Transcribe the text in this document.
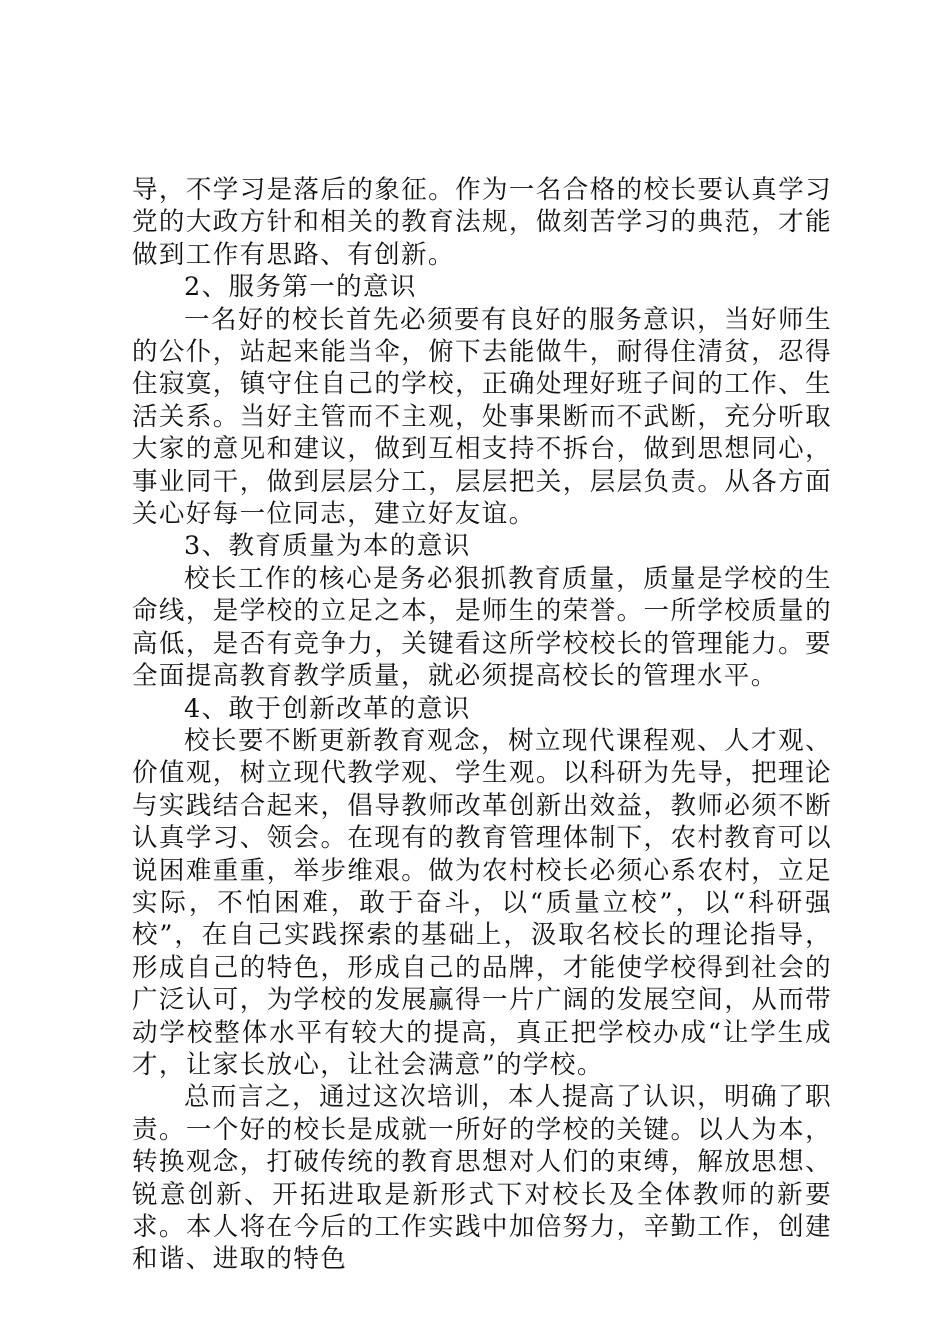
导，不学习是落后的象征。作为一名合格的校长要认真学习党的大政方针和相关的教育法规，做刻苦学习的典范，才能做到工作有思路、有创新。

2、服务第一的意识

一名好的校长首先必须要有良好的服务意识，当好师生的公仆，站起来能当伞，俯下去能做牛，耐得住清贫，忍得住寂寞，镇守住自己的学校，正确处理好班子间的工作、生活关系。当好主管而不主观，处事果断而不武断，充分听取大家的意见和建议，做到互相支持不拆台，做到思想同心，事业同干，做到层层分工，层层把关，层层负责。从各方面关心好每一位同志，建立好友谊。

3、教育质量为本的意识

校长工作的核心是务必狠抓教育质量，质量是学校的生命线，是学校的立足之本，是师生的荣誉。一所学校质量的高低，是否有竞争力，关键看这所学校校长的管理能力。要全面提高教育教学质量，就必须提高校长的管理水平。

4、敢于创新改革的意识

校长要不断更新教育观念，树立现代课程观、人才观、价值观，树立现代教学观、学生观。以科研为先导，把理论与实践结合起来，倡导教师改革创新出效益，教师必须不断认真学习、领会。在现有的教育管理体制下，农村教育可以说困难重重，举步维艰。做为农村校长必须心系农村，立足实际，不怕困难，敢于奋斗，以“质量立校”，以“科研强校”，在自己实践探索的基础上，汲取名校长的理论指导，形成自己的特色，形成自己的品牌，才能使学校得到社会的广泛认可，为学校的发展赢得一片广阔的发展空间，从而带动学校整体水平有较大的提高，真正把学校办成“让学生成才，让家长放心，让社会满意”的学校。

总而言之，通过这次培训，本人提高了认识，明确了职责。一个好的校长是成就一所好的学校的关键。以人为本，转换观念，打破传统的教育思想对人们的束缚，解放思想、锐意创新、开拓进取是新形式下对校长及全体教师的新要求。本人将在今后的工作实践中加倍努力，辛勤工作，创建和谐、进取的特色
